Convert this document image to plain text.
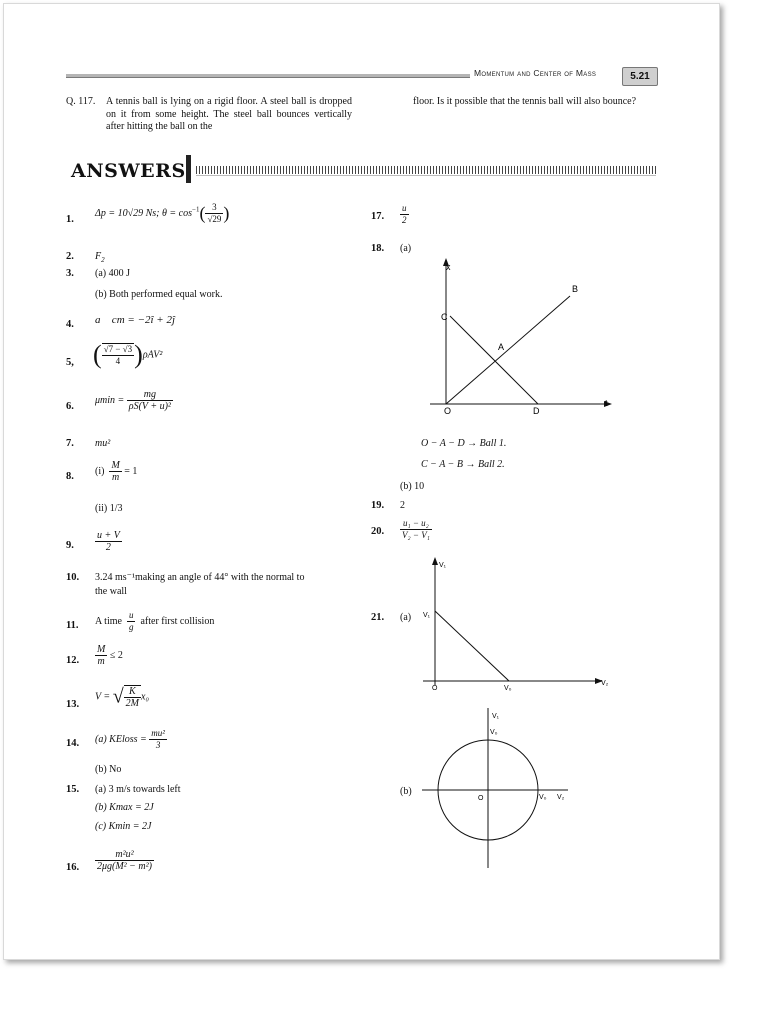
Momentum and Center of Mass	5.21
Q. 117.	A tennis ball is lying on a rigid floor. A steel ball is dropped on it from some height. The steel ball bounces vertically after hitting the ball on the
floor. Is it possible that the tennis ball will also bounce?
ANSWERS
1.
Δp = 10√29 Ns; $\theta = \cos^{-1}( \frac{3}{√29}$ )
2. $F_2$
3. (a) 400 J
(b) Both performed equal work.
4. a⃗ cm = −2î + 2ĵ
5, ( $\frac{√7 - √3}{4} )\rho AV^2$
6.
$\mu\min = \frac{mg}{\text{ρS(V + u)²}}$
7. mu²
8. $(i) \frac{M}{m} = 1$
(ii) 1/3
9. $\frac{u + V}{2}$
10. 3.24 ms⁻¹making an angle of 44° with the normal to
the wall
11. A time $\frac{u}{g}$ after first collision
12. $\frac{M}{m} \le 2$
13.
V = √ $\frac{K}{2M} x_0$
14. (a) KEloss = $\frac{\text{mu²}}{3}$
(b) No
15. (a) 3 m/s towards left
(b) Kmax = 2J
(c) Kmin = 2J
16. $\frac{\text{m²u²}}{\text{2μg(M² − m²)}}$
17. $\frac{u}{2}$
18. (a)
x
t
C
B
A
O	D
O − A − D → Ball 1.
C − A − B → Ball 2.
(b) 10
19. 2
20. $\frac{\text{u₁ − u₂}}{\text{V₂ − V₁}}$
21. (a)
V₁
V₂
V₁
O	V₀
(b)
V₁
V₀
O	V₀ V₂
